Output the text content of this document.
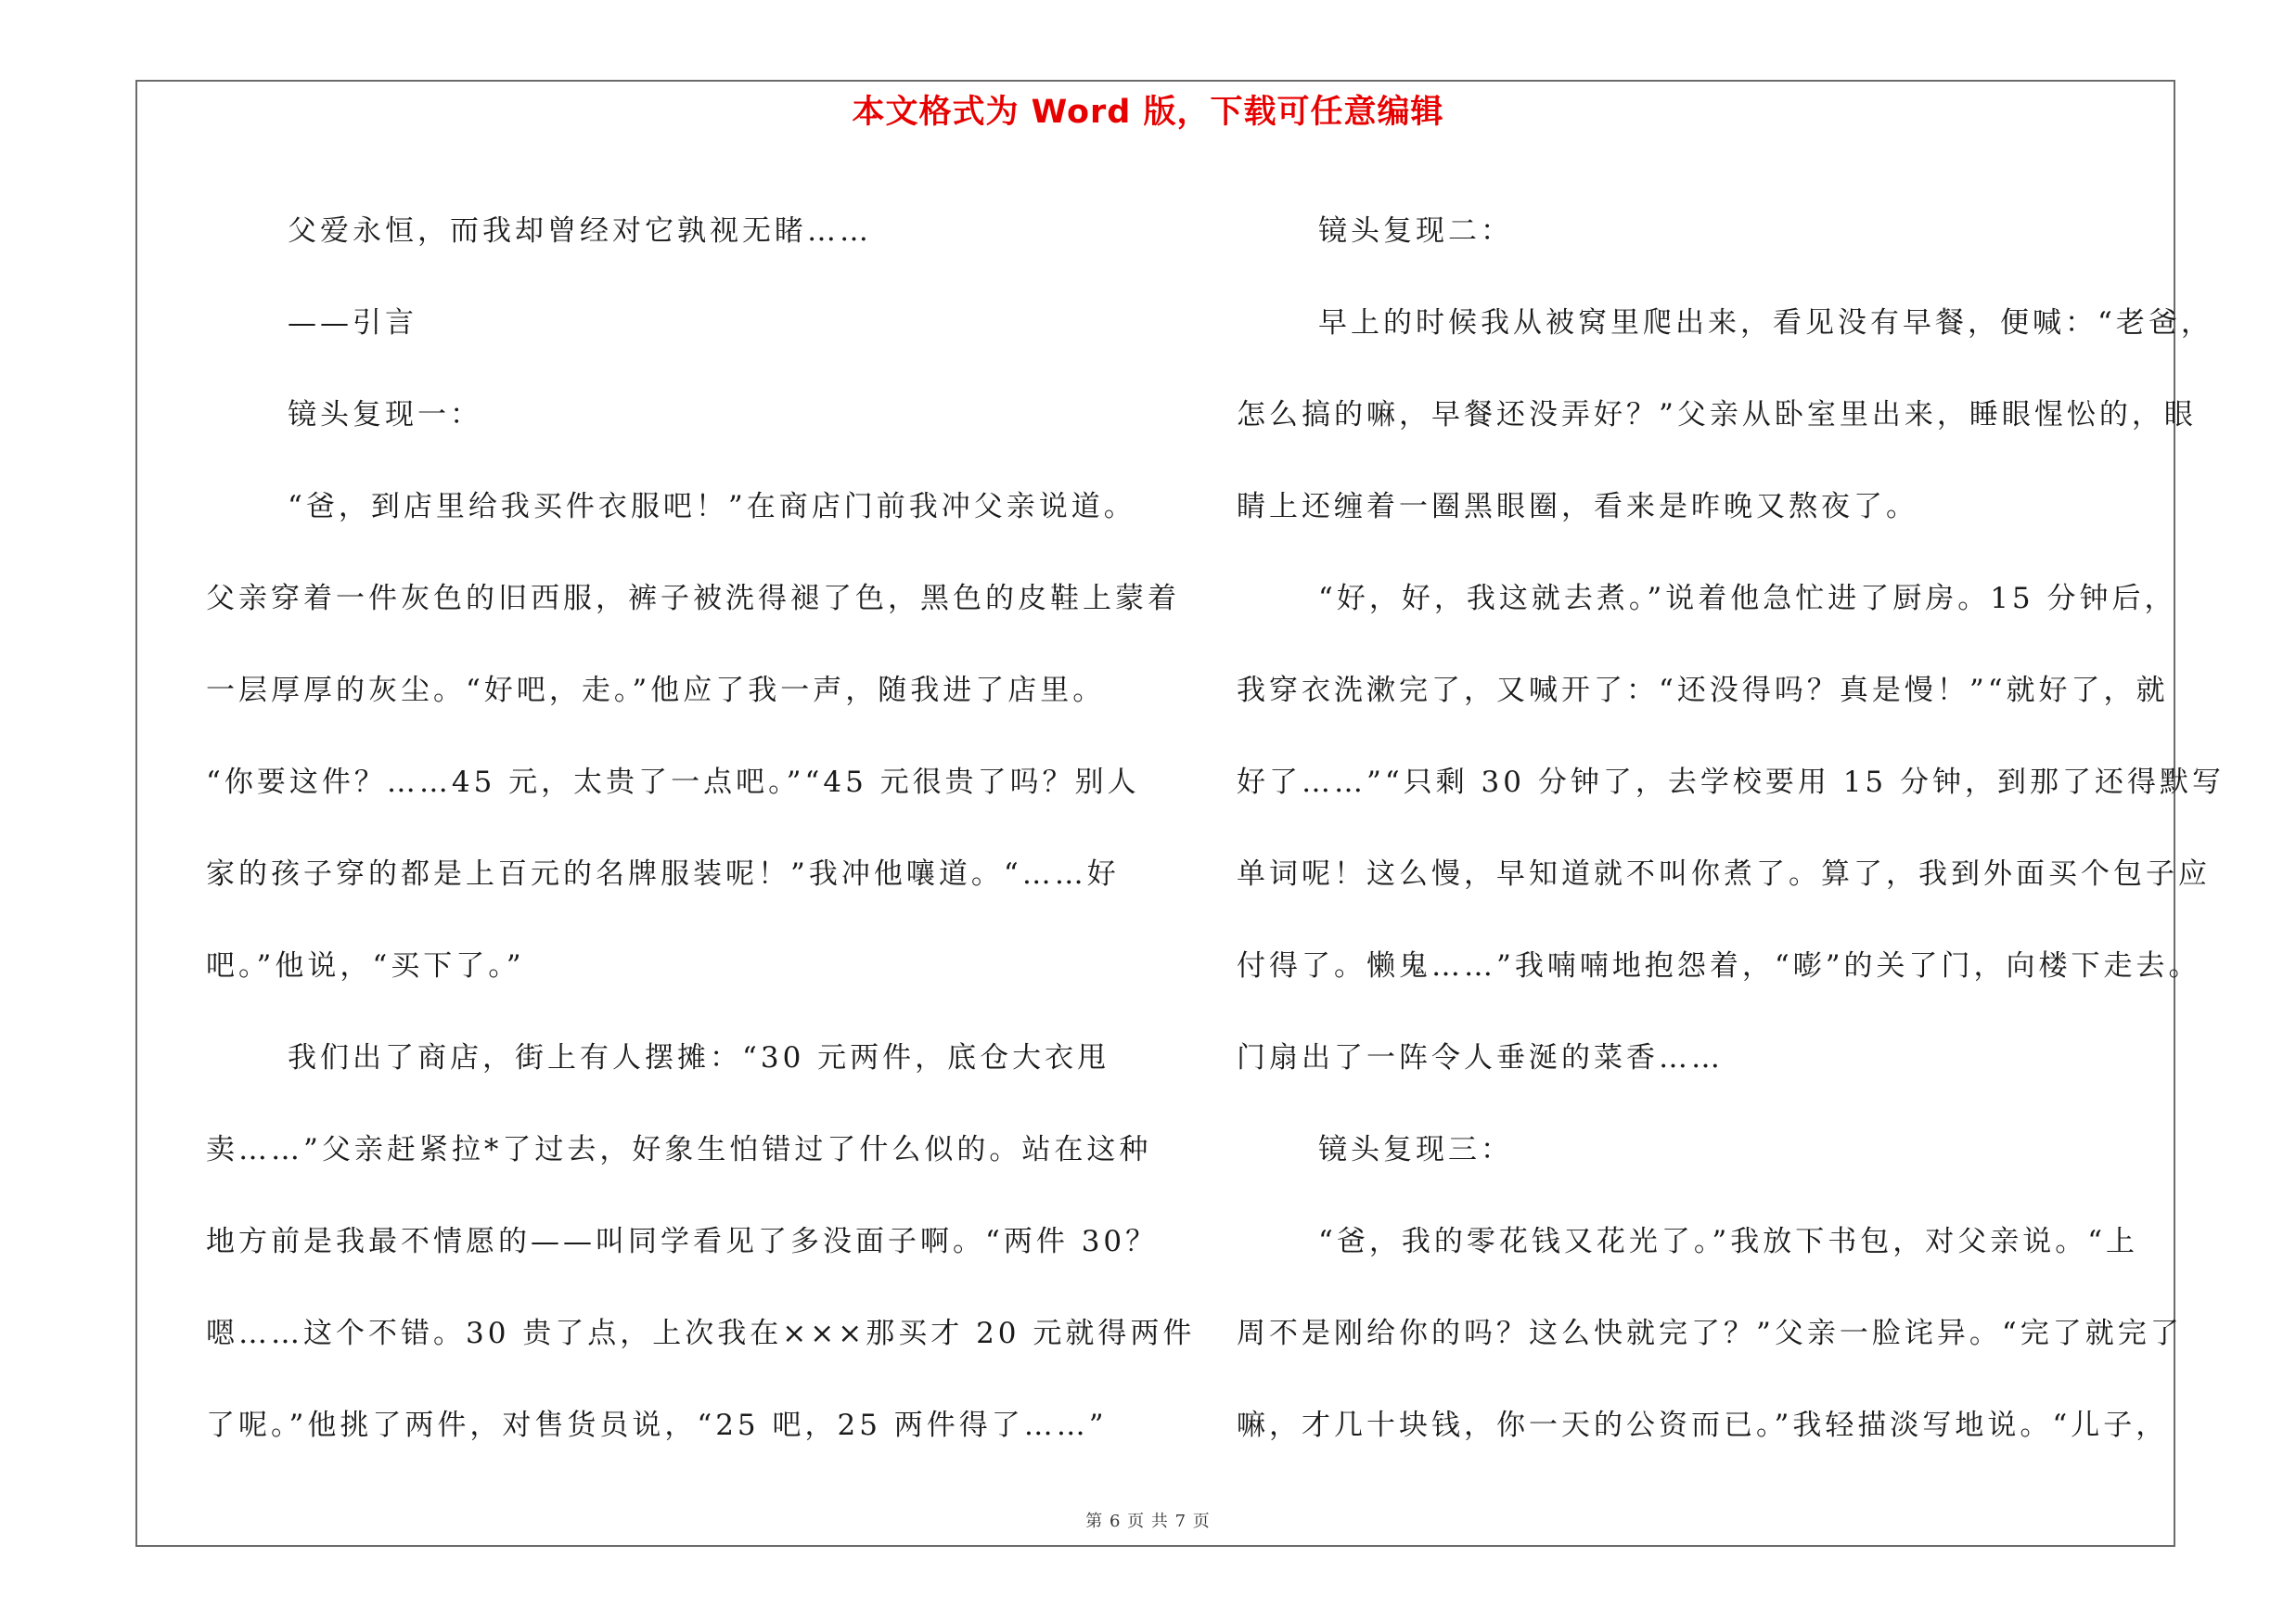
本文格式为 Word 版，下载可任意编辑
父爱永恒，而我却曾经对它孰视无睹……
——引言
镜头复现一：
“爸，到店里给我买件衣服吧！”在商店门前我冲父亲说道。
父亲穿着一件灰色的旧西服，裤子被洗得褪了色，黑色的皮鞋上蒙着
一层厚厚的灰尘。“好吧，走。”他应了我一声，随我进了店里。
“你要这件？……45 元，太贵了一点吧。”“45 元很贵了吗？别人
家的孩子穿的都是上百元的名牌服装呢！”我冲他嚷道。“……好
吧。”他说，“买下了。”
我们出了商店，街上有人摆摊：“30 元两件，底仓大衣甩
卖……”父亲赶紧拉*了过去，好象生怕错过了什么似的。站在这种
地方前是我最不情愿的——叫同学看见了多没面子啊。“两件 30？
嗯……这个不错。30 贵了点，上次我在×××那买才 20 元就得两件
了呢。”他挑了两件，对售货员说，“25 吧，25 两件得了……”
镜头复现二：
早上的时候我从被窝里爬出来，看见没有早餐，便喊：“老爸，
怎么搞的嘛，早餐还没弄好？”父亲从卧室里出来，睡眼惺忪的，眼
睛上还缠着一圈黑眼圈，看来是昨晚又熬夜了。
“好，好，我这就去煮。”说着他急忙进了厨房。15 分钟后，
我穿衣洗漱完了，又喊开了：“还没得吗？真是慢！”“就好了，就
好了……”“只剩 30 分钟了，去学校要用 15 分钟，到那了还得默写
单词呢！这么慢，早知道就不叫你煮了。算了，我到外面买个包子应
付得了。懒鬼……”我喃喃地抱怨着，“嘭”的关了门，向楼下走去。
门扇出了一阵令人垂涎的菜香……
镜头复现三：
“爸，我的零花钱又花光了。”我放下书包，对父亲说。“上
周不是刚给你的吗？这么快就完了？”父亲一脸诧异。“完了就完了
嘛，才几十块钱，你一天的公资而已。”我轻描淡写地说。“儿子，
第 6 页 共 7 页
